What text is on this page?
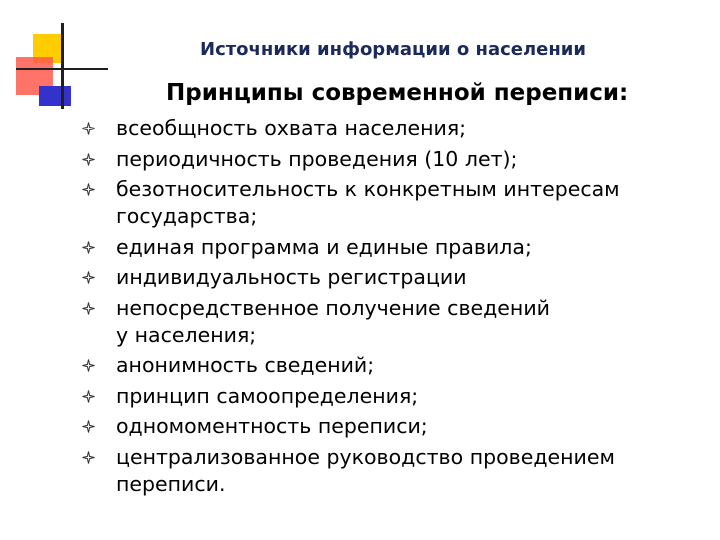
Источники информации о населении
Принципы современной переписи:
всеобщность охвата населения;
периодичность проведения (10 лет);
безотносительность к конкретным интересам
государства;
единая программа и единые правила;
индивидуальность регистрации
непосредственное получение сведений
у населения;
анонимность сведений;
принцип самоопределения;
одномоментность переписи;
централизованное руководство проведением
переписи.
